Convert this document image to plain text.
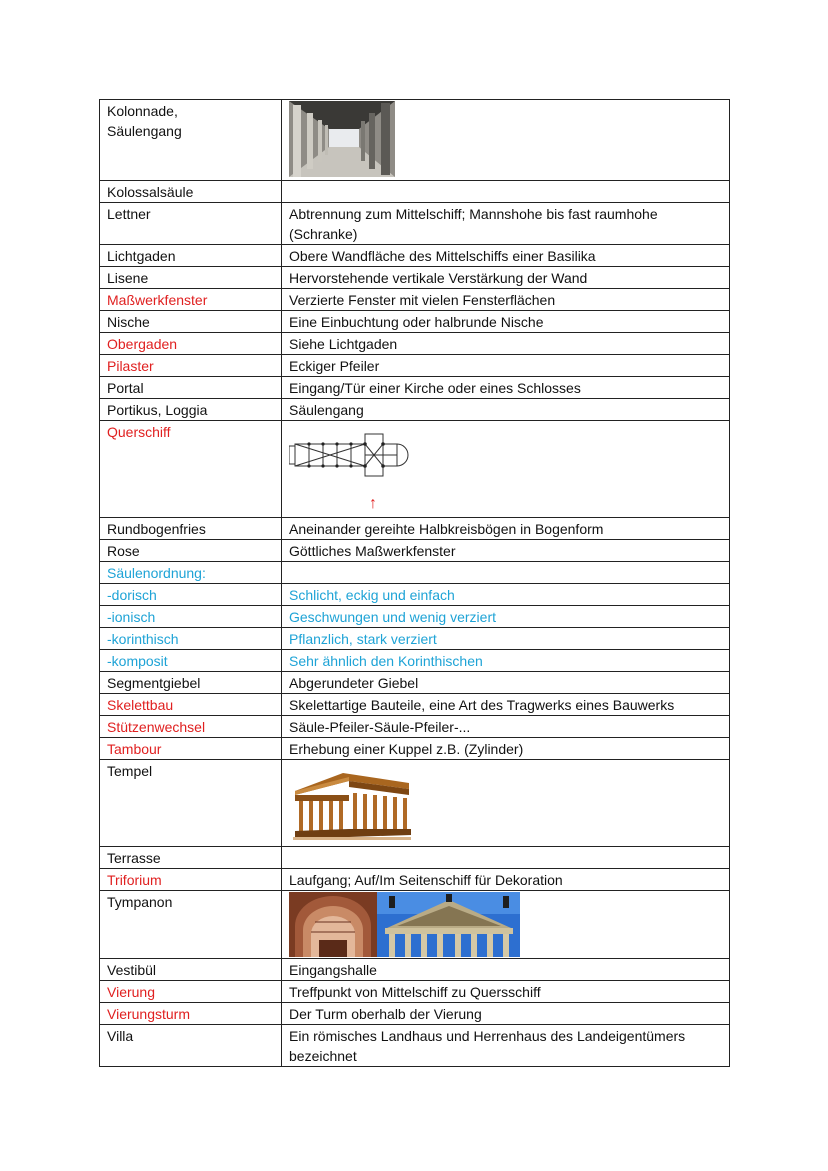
Kolonnade, Säulengang	

Kolossalsäule	
Lettner	Abtrennung zum Mittelschiff; Mannshohe bis fast raumhohe (Schranke)
Lichtgaden	Obere Wandfläche des Mittelschiffs einer Basilika
Lisene	Hervorstehende vertikale Verstärkung der Wand
Maßwerkfenster	Verzierte Fenster mit vielen Fensterflächen
Nische	Eine Einbuchtung oder halbrunde Nische
Obergaden	Siehe Lichtgaden
Pilaster	Eckiger Pfeiler
Portal	Eingang/Tür einer Kirche oder eines Schlosses
Portikus, Loggia	Säulengang
Querschiff	↑

Rundbogenfries	Aneinander gereihte Halbkreisbögen in Bogenform
Rose	Göttliches Maßwerkfenster
Säulenordnung:	
-dorisch	Schlicht, eckig und einfach
-ionisch	Geschwungen und wenig verziert
-korinthisch	Pflanzlich, stark verziert
-komposit	Sehr ähnlich den Korinthischen
Segmentgiebel	Abgerundeter Giebel
Skelettbau	Skelettartige Bauteile, eine Art des Tragwerks eines Bauwerks
Stützenwechsel	Säule-Pfeiler-Säule-Pfeiler-...
Tambour	Erhebung einer Kuppel z.B. (Zylinder)
Tempel	

Terrasse	
Triforium	Laufgang; Auf/Im Seitenschiff für Dekoration
Tympanon	

Vestibül	Eingangshalle
Vierung	Treffpunkt von Mittelschiff zu Quersschiff
Vierungsturm	Der Turm oberhalb der Vierung
Villa	Ein römisches Landhaus und Herrenhaus des Landeigentümers bezeichnet
